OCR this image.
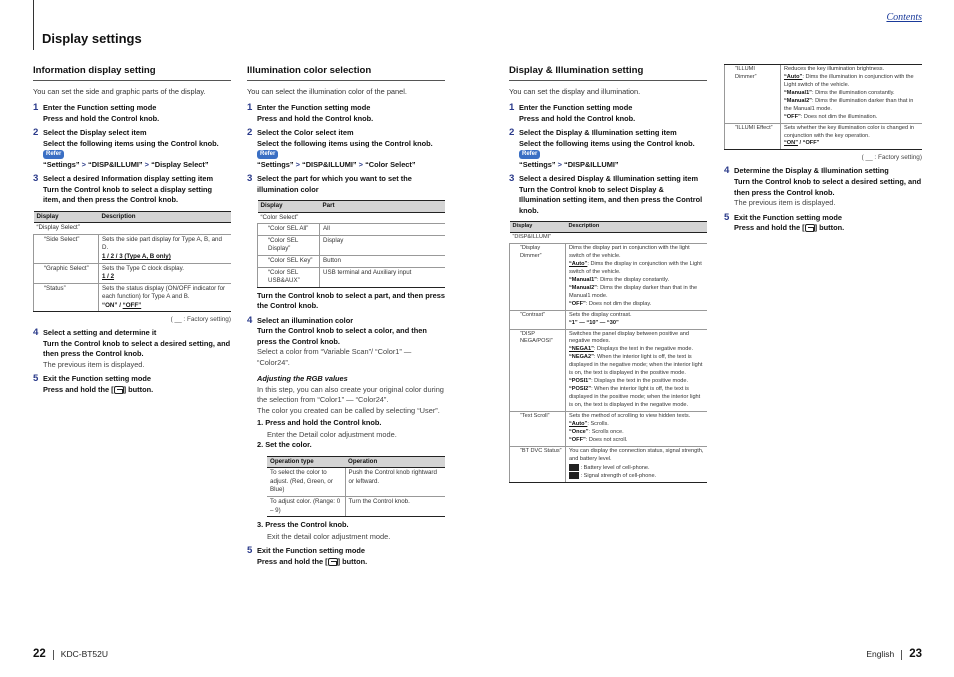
Display settings
Contents
Information display setting
You can set the side and graphic parts of the display.
1 Enter the Function setting mode
Press and hold the Control knob.
2 Select the Display select item
Select the following items using the Control knob. Refer
“Settings” > “DISP&ILLUMI” > “Display Select”
3 Select a desired Information display setting item
Turn the Control knob to select a display setting item, and then press the Control knob.
Display	Description
“Display Select”	
“Side Select”	Sets the side part display for Type A, B, and D.
1 / 2 / 3 (Type A, B only)

“Graphic Select”	Sets the Type C clock display.
1 / 2

“Status”	Sets the status display (ON/OFF indicator for each function) for Type A and B.
“ON” / “OFF”
( __ : Factory setting)
4 Select a setting and determine it
Turn the Control knob to select a desired setting, and then press the Control knob.
The previous item is displayed.
5 Exit the Function setting mode
Press and hold the [ ] button.
Illumination color selection
You can select the illumination color of the panel.
1 Enter the Function setting mode
Press and hold the Control knob.
2 Select the Color select item
Select the following items using the Control knob. Refer
“Settings” > “DISP&ILLUMI” > “Color Select”
3 Select the part for which you want to set the illumination color
Display	Part
“Color Select”	
“Color SEL All”	All
“Color SEL Display”	Display
“Color SEL Key”	Button
“Color SEL USB&AUX”	USB terminal and Auxiliary input
Turn the Control knob to select a part, and then press the Control knob.
4 Select an illumination color
Turn the Control knob to select a color, and then press the Control knob.
Select a color from “Variable Scan”/ “Color1” — “Color24”.
Adjusting the RGB values
In this step, you can also create your original color during the selection from “Color1” — “Color24”.
The color you created can be called by selecting “User”.
1. Press and hold the Control knob.
Enter the Detail color adjustment mode.
2. Set the color.
Operation type	Operation
To select the color to adjust. (Red, Green, or Blue)	Push the Control knob rightward or leftward.
To adjust color. (Range: 0 – 9)	Turn the Control knob.
3. Press the Control knob.
Exit the detail color adjustment mode.
5 Exit the Function setting mode
Press and hold the [ ] button.
Display & Illumination setting
You can set the display and illumination.
1 Enter the Function setting mode
Press and hold the Control knob.
2 Select the Display & Illumination setting item
Select the following items using the Control knob. Refer
“Settings” > “DISP&ILLUMI”
3 Select a desired Display & Illumination setting item
Turn the Control knob to select Display & Illumination setting item, and then press the Control knob.
Display	Description
“DISP&ILLUMI”	
“Display Dimmer”	Dims the display part in conjunction with the light switch of the vehicle.
“Auto”: Dims the display in conjunction with the Light switch of the vehicle.
“Manual1”: Dims the display constantly.
“Manual2”: Dims the display darker than that in the Manual1 mode.
“OFF”: Does not dim the display.

“Contrast”	Sets the display contrast.
“1” — “10” — “30”

“DISP NEGA/POSI”	Switches the panel display between positive and negative modes.
“NEGA1”: Displays the text in the negative mode.
“NEGA2”: When the interior light is off, the text is displayed in the negative mode; when the interior light is on, the text is displayed in the positive mode.
“POSI1”: Displays the text in the positive mode.
“POSI2”: When the interior light is off, the text is displayed in the positive mode; when the interior light is on, the text is displayed in the negative mode.

“Text Scroll”	Sets the method of scrolling to view hidden texts.
“Auto”: Scrolls.
“Once”: Scrolls once.
“OFF”: Does not scroll.

“BT DVC Status”	You can display the connection status, signal strength, and battery level.
: Battery level of cell-phone.
: Signal strength of cell-phone.
“ILLUMI Dimmer”	Reduces the key illumination brightness.
“Auto”: Dims the illumination in conjunction with the Light switch of the vehicle.
“Manual1”: Dims the illumination constantly.
“Manual2”: Dims the illumination darker than that in the Manual1 mode.
“OFF”: Does not dim the illumination.

“ILLUMI Effect”	Sets whether the key illumination color is changed in conjunction with the key operation.
“ON” / “OFF”
( __ : Factory setting)
4 Determine the Display & Illumination setting
Turn the Control knob to select a desired setting, and then press the Control knob.
The previous item is displayed.
5 Exit the Function setting mode
Press and hold the [ ] button.
22 KDC-BT52U	English 23
